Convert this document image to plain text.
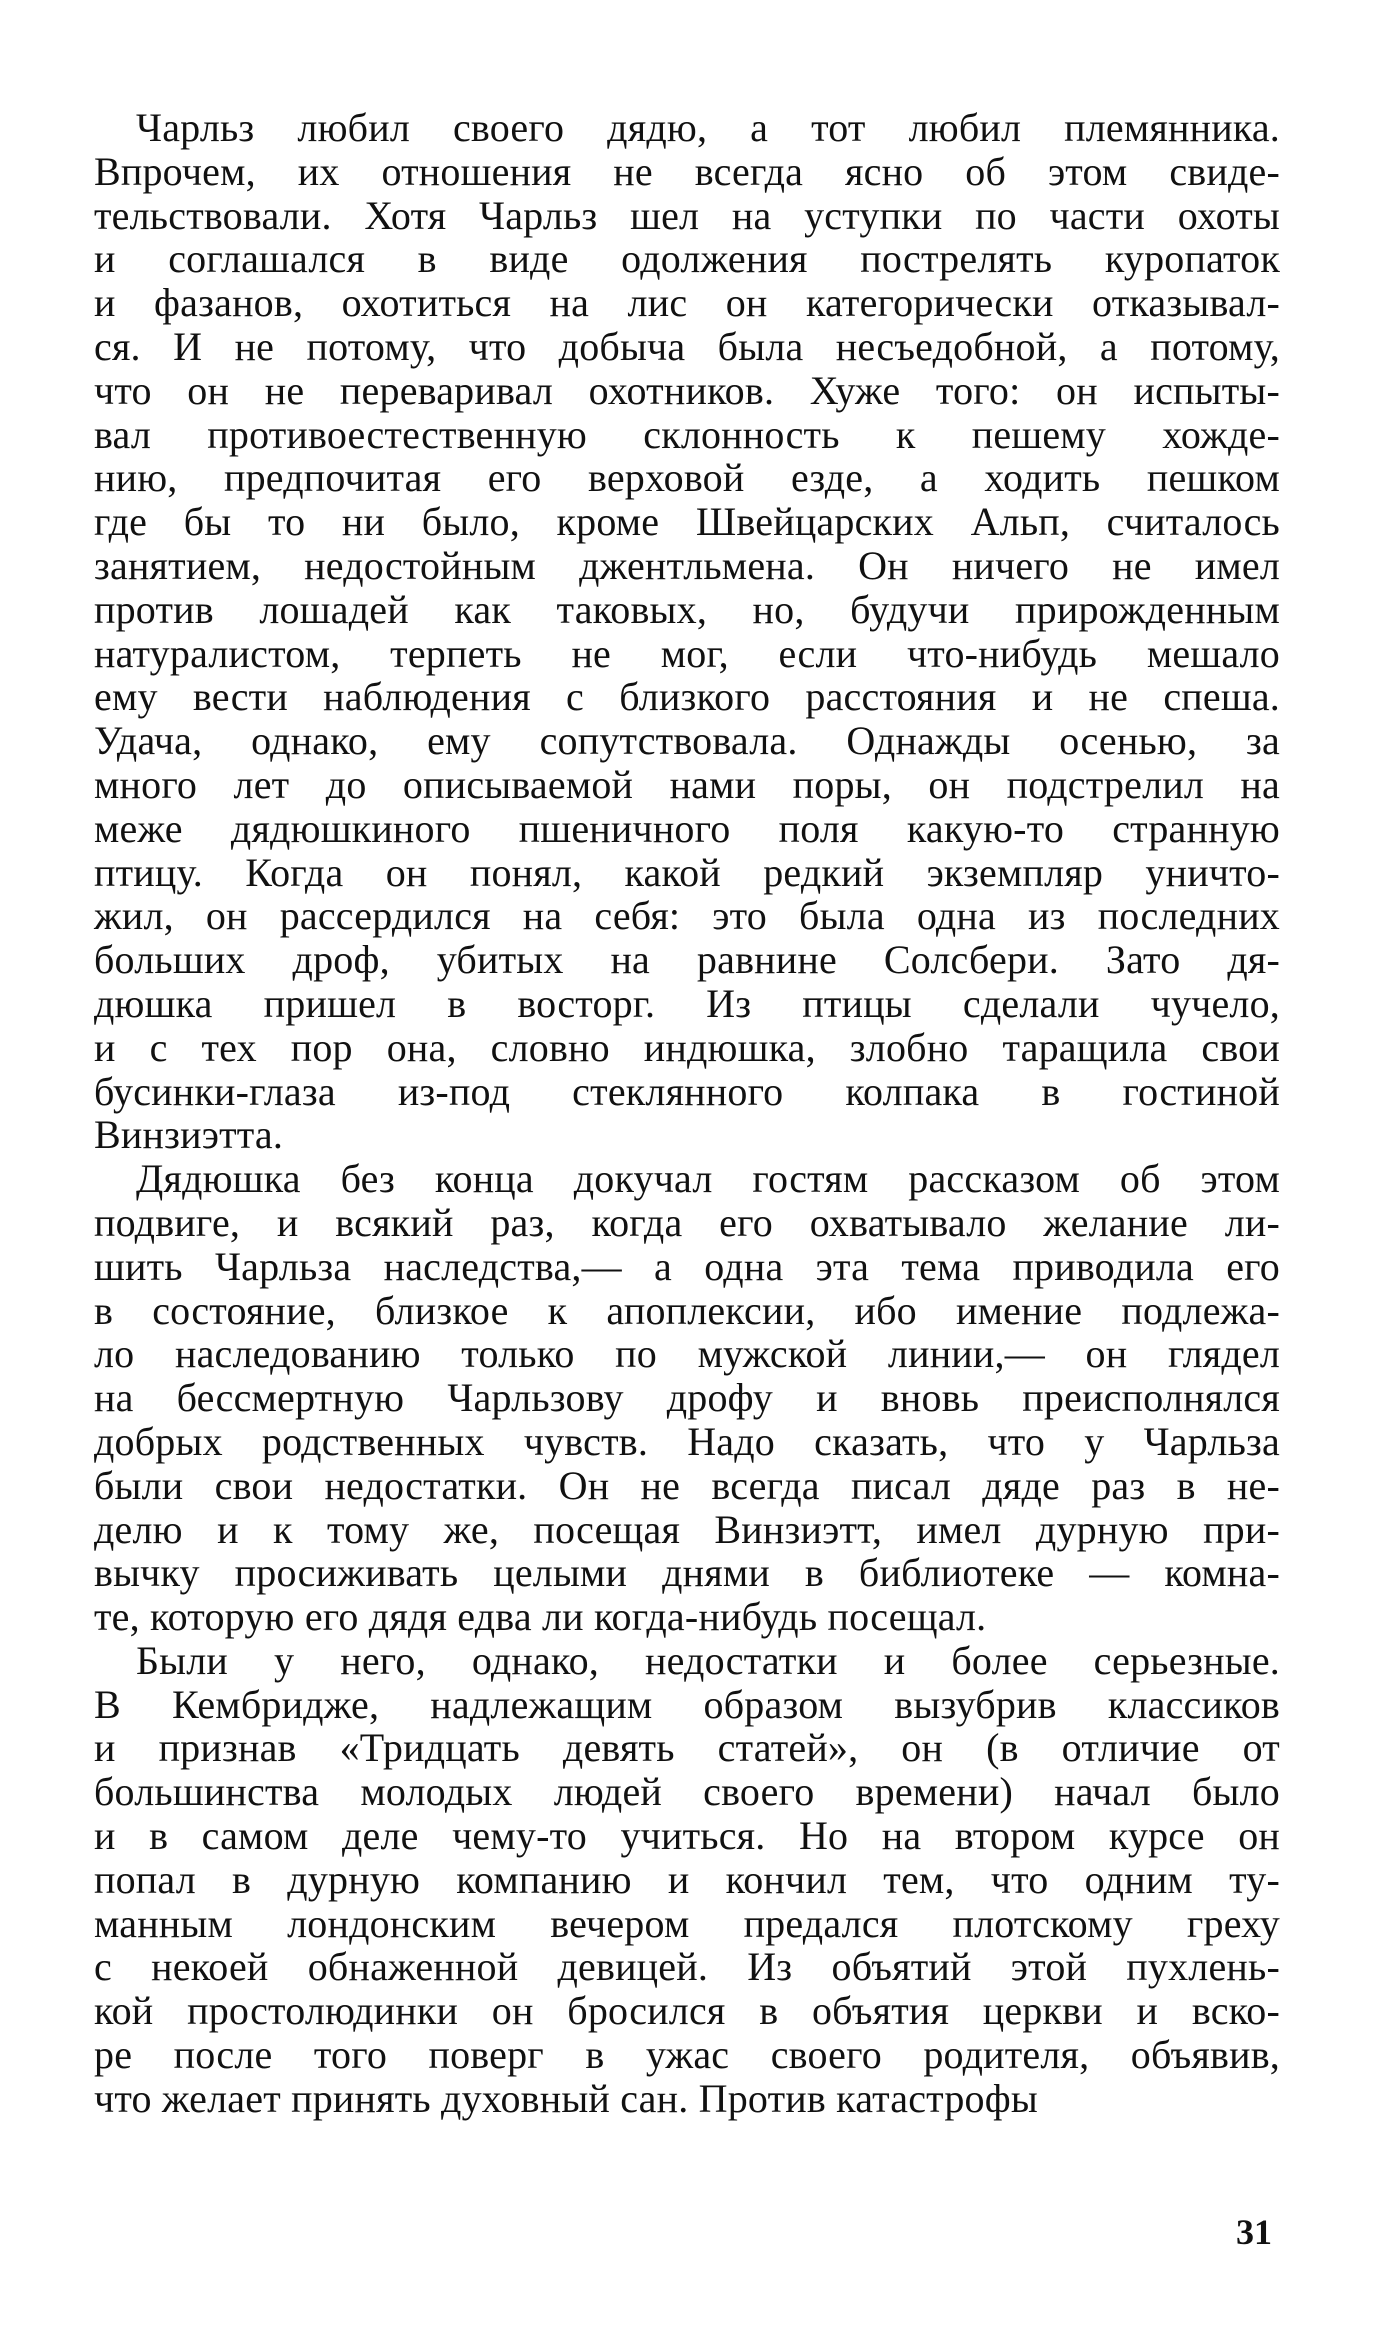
Чарльз любил своего дядю, а тот любил племянника.
Впрочем, их отношения не всегда ясно об этом свиде-
тельствовали. Хотя Чарльз шел на уступки по части охоты
и соглашался в виде одолжения пострелять куропаток
и фазанов, охотиться на лис он категорически отказывал-
ся. И не потому, что добыча была несъедобной, а потому,
что он не переваривал охотников. Хуже того: он испыты-
вал противоестественную склонность к пешему хожде-
нию, предпочитая его верховой езде, а ходить пешком
где бы то ни было, кроме Швейцарских Альп, считалось
занятием, недостойным джентльмена. Он ничего не имел
против лошадей как таковых, но, будучи прирожденным
натуралистом, терпеть не мог, если что-нибудь мешало
ему вести наблюдения с близкого расстояния и не спеша.
Удача, однако, ему сопутствовала. Однажды осенью, за
много лет до описываемой нами поры, он подстрелил на
меже дядюшкиного пшеничного поля какую-то странную
птицу. Когда он понял, какой редкий экземпляр уничто-
жил, он рассердился на себя: это была одна из последних
больших дроф, убитых на равнине Солсбери. Зато дя-
дюшка пришел в восторг. Из птицы сделали чучело,
и с тех пор она, словно индюшка, злобно таращила свои
бусинки-глаза из-под стеклянного колпака в гостиной
Винзиэтта.
Дядюшка без конца докучал гостям рассказом об этом
подвиге, и всякий раз, когда его охватывало желание ли-
шить Чарльза наследства,— а одна эта тема приводила его
в состояние, близкое к апоплексии, ибо имение подлежа-
ло наследованию только по мужской линии,— он глядел
на бессмертную Чарльзову дрофу и вновь преисполнялся
добрых родственных чувств. Надо сказать, что у Чарльза
были свои недостатки. Он не всегда писал дяде раз в не-
делю и к тому же, посещая Винзиэтт, имел дурную при-
вычку просиживать целыми днями в библиотеке — комна-
те, которую его дядя едва ли когда-нибудь посещал.
Были у него, однако, недостатки и более серьезные.
В Кембридже, надлежащим образом вызубрив классиков
и признав «Тридцать девять статей», он (в отличие от
большинства молодых людей своего времени) начал было
и в самом деле чему-то учиться. Но на втором курсе он
попал в дурную компанию и кончил тем, что одним ту-
манным лондонским вечером предался плотскому греху
с некоей обнаженной девицей. Из объятий этой пухлень-
кой простолюдинки он бросился в объятия церкви и вско-
ре после того поверг в ужас своего родителя, объявив,
что желает принять духовный сан. Против катастрофы
31
